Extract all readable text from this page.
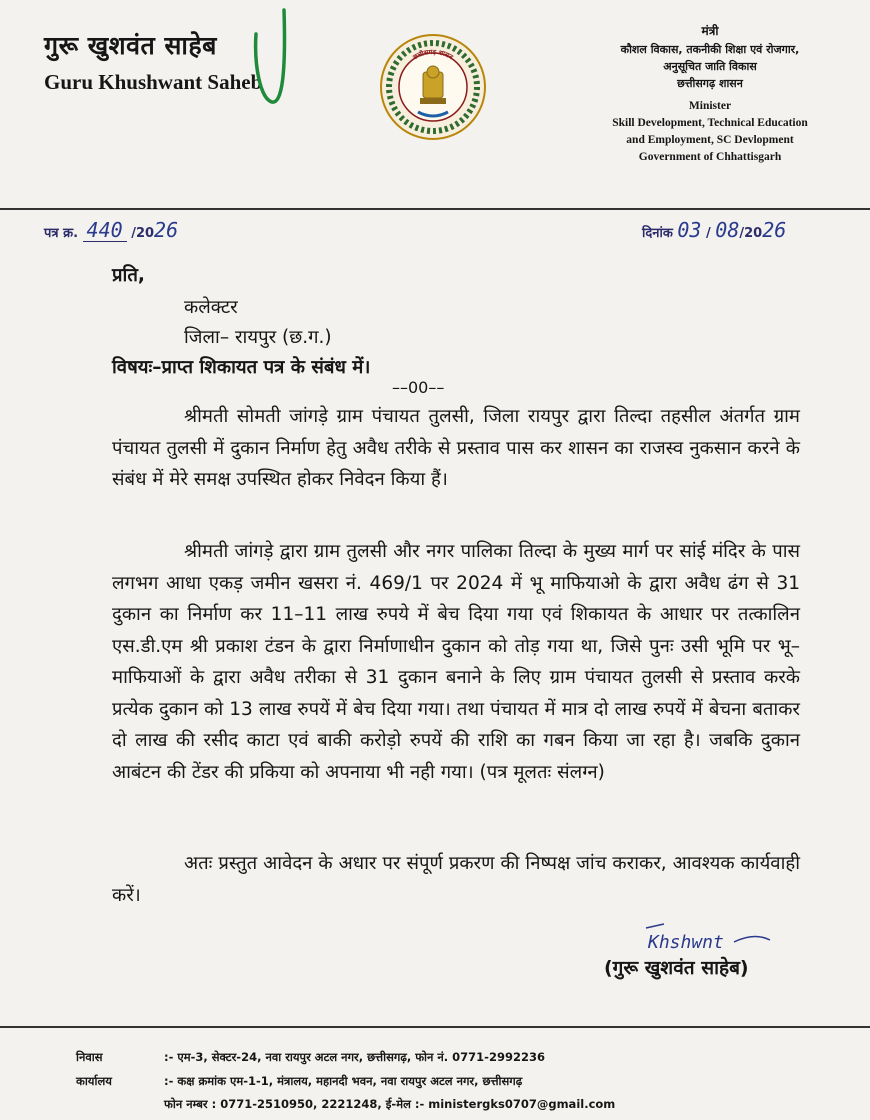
गुरू खुशवंत साहेब
Guru Khushwant Saheb
छत्तीसगढ़ शासन
मंत्री
कौशल विकास, तकनीकी शिक्षा एवं रोजगार,
अनुसूचित जाति विकास
छत्तीसगढ़ शासन
Minister
Skill Development, Technical Education
and Employment, SC Devlopment
Government of Chhattisgarh
पत्र क्र. 440 /2026	दिनांक 03 / 08/2026
प्रति,
कलेक्टर
जिला– रायपुर (छ.ग.)
विषयः–प्राप्त शिकायत पत्र के संबंध में।
––00––
श्रीमती सोमती जांगड़े ग्राम पंचायत तुलसी, जिला रायपुर द्वारा तिल्दा तहसील अंतर्गत ग्राम पंचायत तुलसी में दुकान निर्माण हेतु अवैध तरीके से प्रस्ताव पास कर शासन का राजस्व नुकसान करने के संबंध में मेरे समक्ष उपस्थित होकर निवेदन किया हैं।
श्रीमती जांगड़े द्वारा ग्राम तुलसी और नगर पालिका तिल्दा के मुख्य मार्ग पर सांई मंदिर के पास लगभग आधा एकड़ जमीन खसरा नं. 469/1 पर 2024 में भू माफियाओ के द्वारा अवैध ढंग से 31 दुकान का निर्माण कर 11–11 लाख रुपये में बेच दिया गया एवं शिकायत के आधार पर तत्कालिन एस.डी.एम श्री प्रकाश टंडन के द्वारा निर्माणाधीन दुकान को तोड़ गया था, जिसे पुनः उसी भूमि पर भू–माफियाओं के द्वारा अवैध तरीका से 31 दुकान बनाने के लिए ग्राम पंचायत तुलसी से प्रस्ताव करके प्रत्येक दुकान को 13 लाख रुपयें में बेच दिया गया। तथा पंचायत में मात्र दो लाख रुपयें में बेचना बताकर दो लाख की रसीद काटा एवं बाकी करोड़ो रुपयें की राशि का गबन किया जा रहा है। जबकि दुकान आबंटन की टेंडर की प्रकिया को अपनाया भी नही गया। (पत्र मूलतः संलग्न)
अतः प्रस्तुत आवेदन के अधार पर संपूर्ण प्रकरण की निष्पक्ष जांच कराकर, आवश्यक कार्यवाही करें।
Khshwnt
(गुरू खुशवंत साहेब)
निवास	:- एम-3, सेक्टर-24, नवा रायपुर अटल नगर, छत्तीसगढ़, फोन नं. 0771-2992236
कार्यालय	:- कक्ष क्रमांक एम-1-1, मंत्रालय, महानदी भवन, नवा रायपुर अटल नगर, छत्तीसगढ़
फोन नम्बर : 0771-2510950, 2221248, ई-मेल :- ministergks0707@gmail.com
